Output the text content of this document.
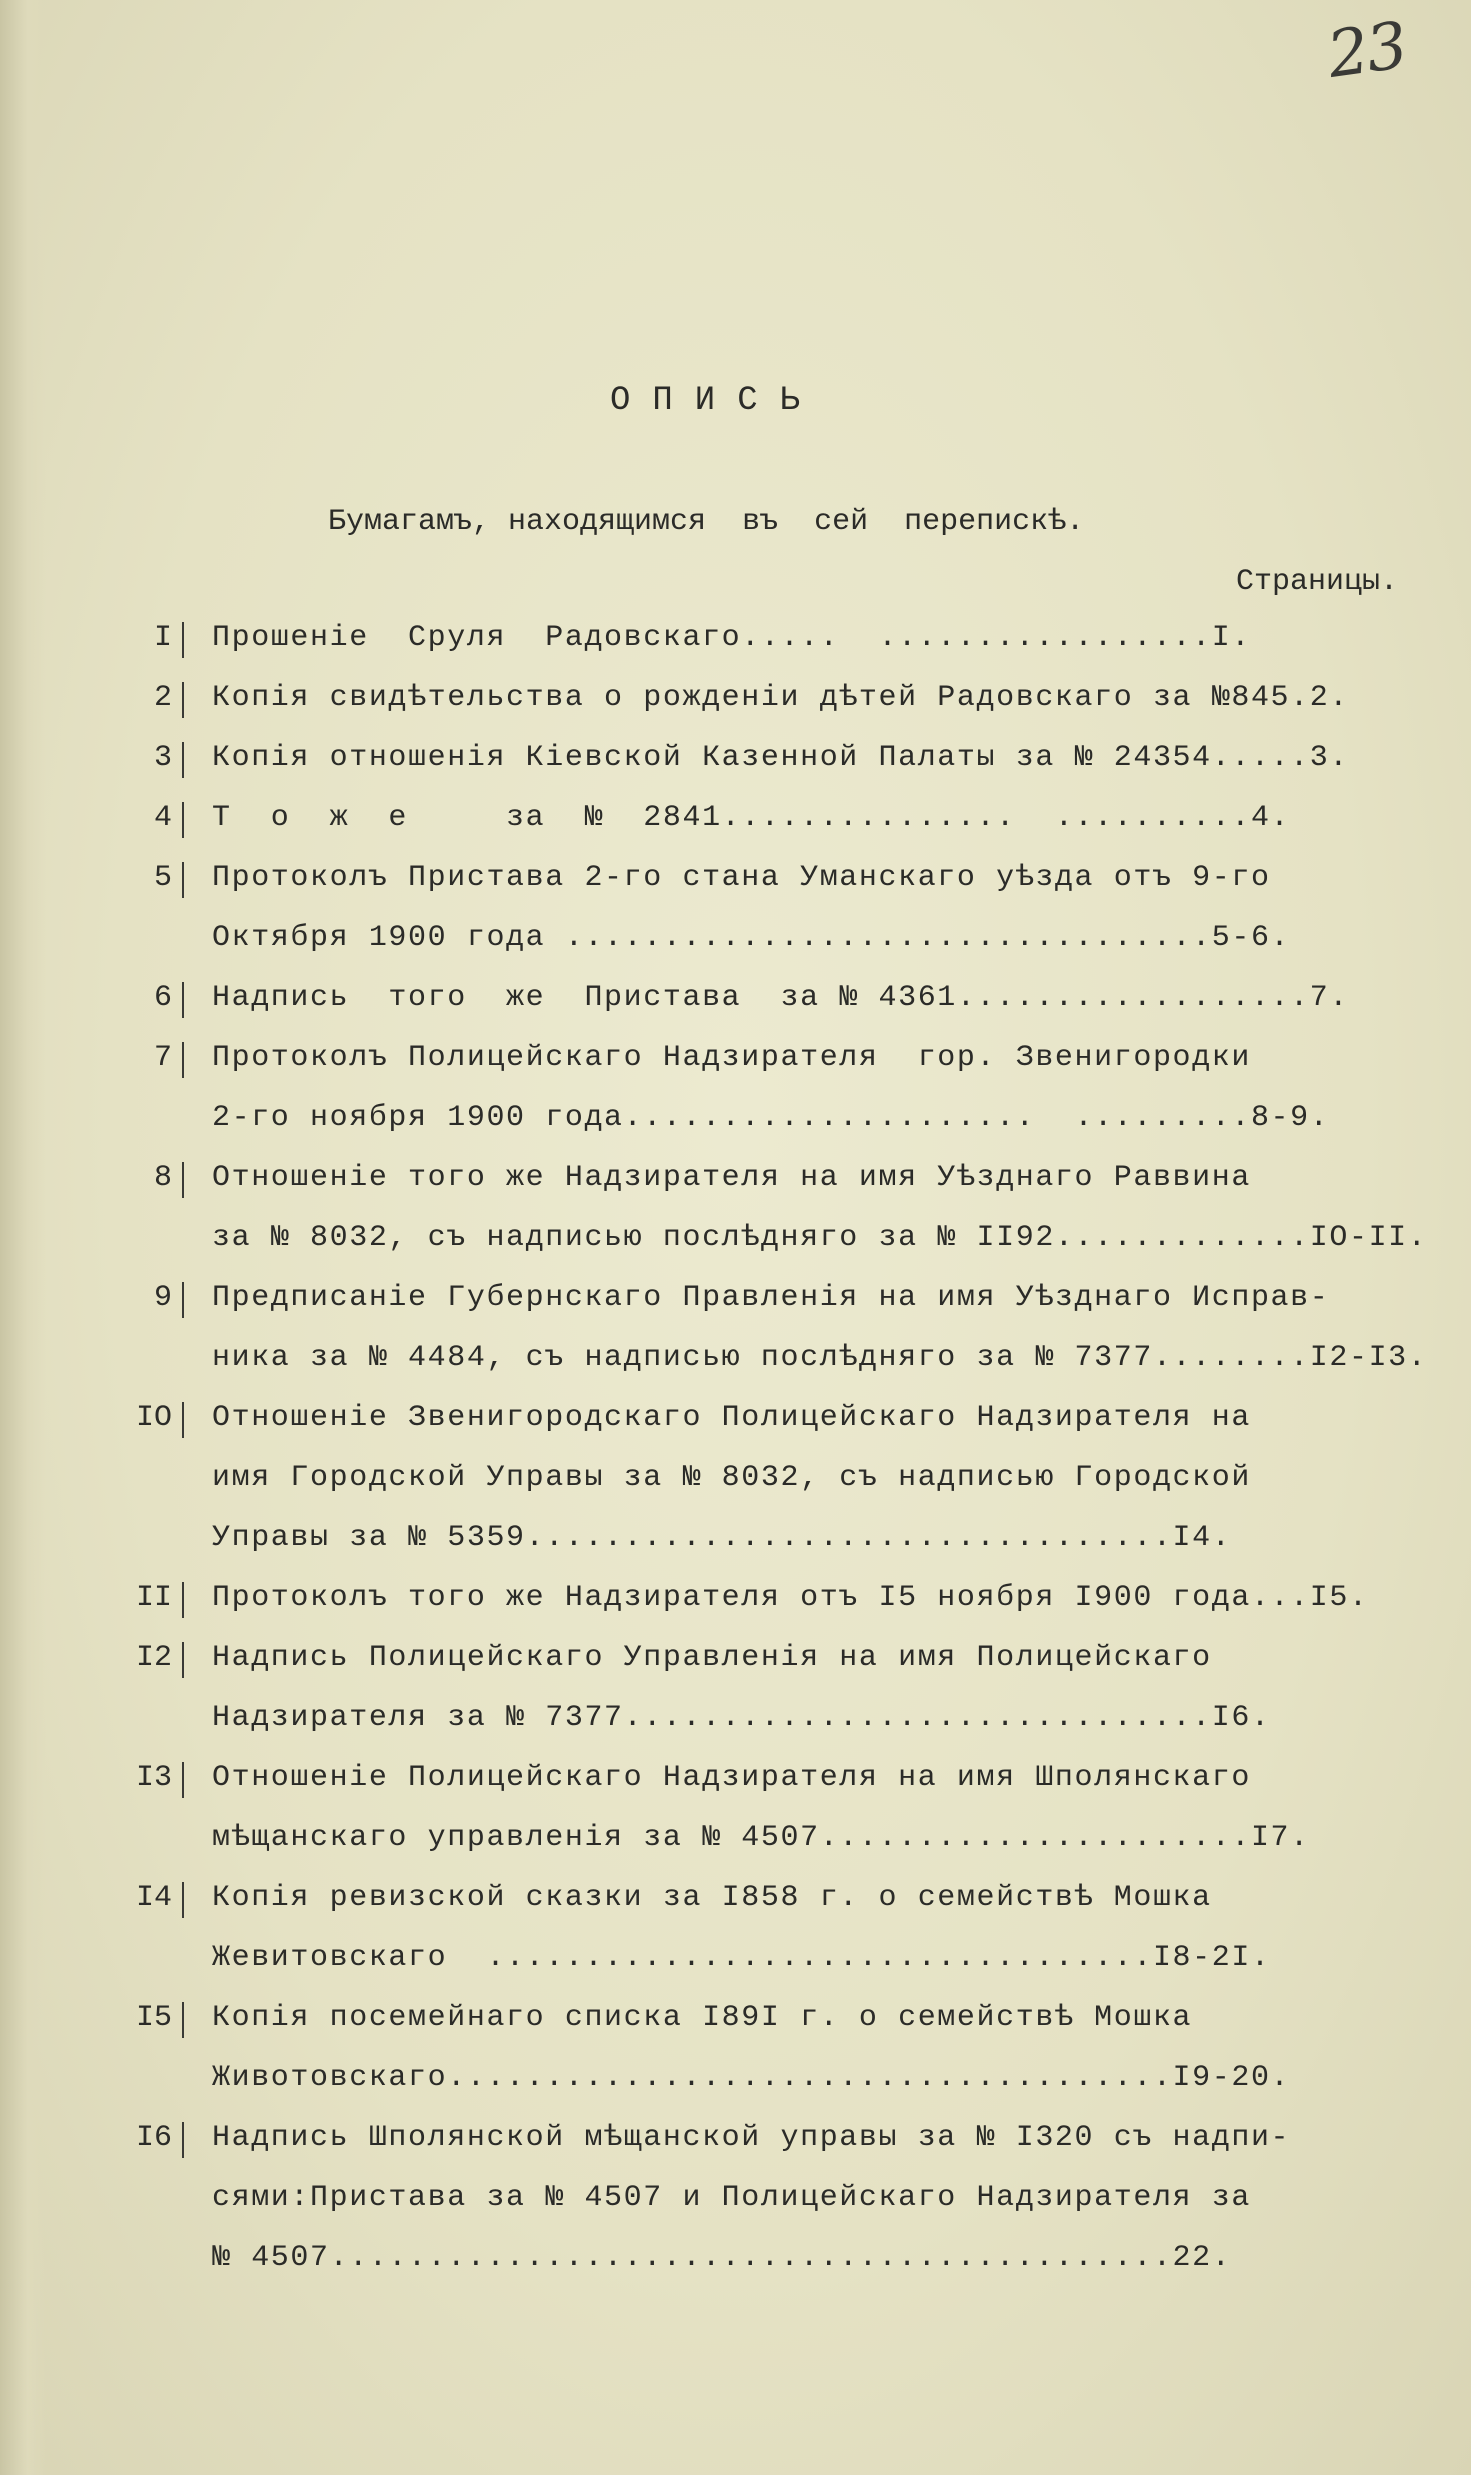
23
ОПИСЬ
Бумагамъ, находящимся  въ  сей  перепискѣ.
Страницы.
I	Прошенiе  Сруля  Радовскаго.....  .................I.
2	Копiя свидѣтельства о рожденiи дѣтей Радовскаго за №845.2.
3	Копiя отношенiя Кiевской Казенной Палаты за № 24354.....3.
4	Т  о  ж  е     за  №  2841...............  ..........4.
5	Протоколъ Пристава 2-го стана Уманскаго уѣзда отъ 9-го
Октября 1900 года .................................5-6.
6	Надпись  того  же  Пристава  за № 4361..................7.
7	Протоколъ Полицейскаго Надзирателя  гор. Звенигородки
2-го ноября 1900 года.....................  .........8-9.
8	Отношенiе того же Надзирателя на имя Уѣзднаго Раввина
за № 8032, съ надписью послѣдняго за № II92.............IO-II.
9	Предписанiе Губернскаго Правленiя на имя Уѣзднаго Исправ-
ника за № 4484, съ надписью послѣдняго за № 7377........I2-I3.
IO	Отношенiе Звенигородскаго Полицейскаго Надзирателя на
имя Городской Управы за № 8032, съ надписью Городской
Управы за № 5359.................................I4.
II	Протоколъ того же Надзирателя отъ I5 ноября I900 года...I5.
I2	Надпись Полицейскаго Управленiя на имя Полицейскаго
Надзирателя за № 7377..............................I6.
I3	Отношенiе Полицейскаго Надзирателя на имя Шполянскаго
мѣщанскаго управленiя за № 4507......................I7.
I4	Копiя ревизской сказки за I858 г. о семействѣ Мошка
Жевитовскаго  ..................................I8-2I.
I5	Копiя посемейнаго списка I89I г. о семействѣ Мошка
Животовскаго.....................................I9-20.
I6	Надпись Шполянской мѣщанской управы за № I320 съ надпи-
сями:Пристава за № 4507 и Полицейскаго Надзирателя за
№ 4507...........................................22.
